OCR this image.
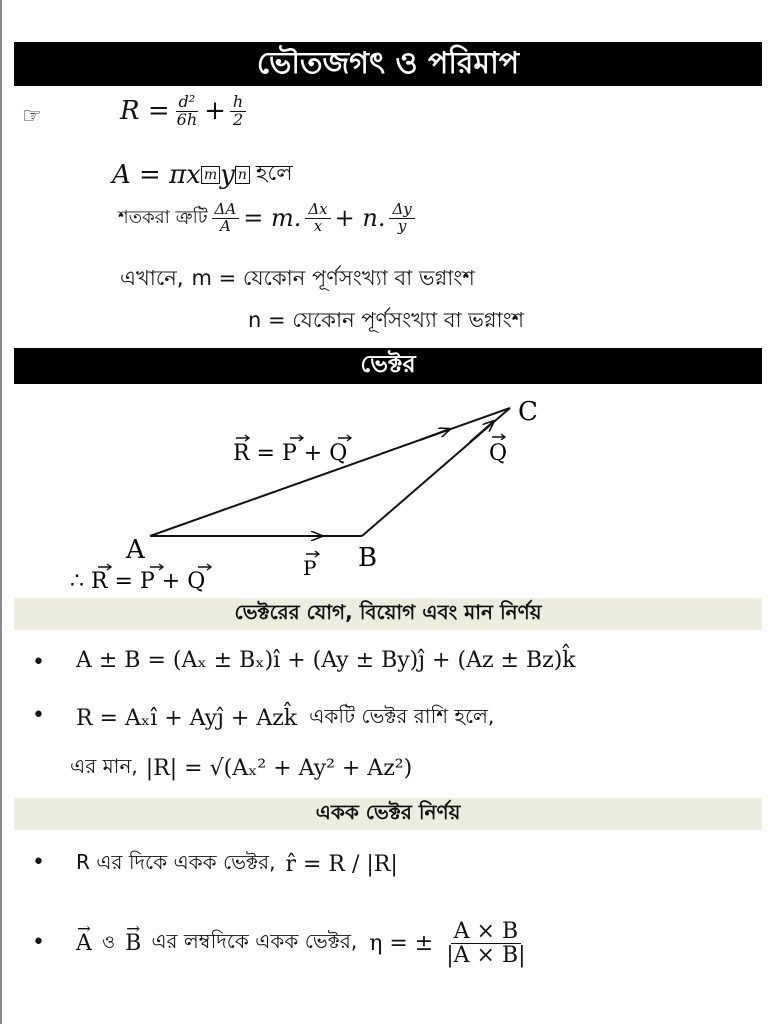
ভৌতজগৎ ও পরিমাপ
☞	$R = \frac{\text{d²}}{6h} + \frac{h}{2}$
A = πx m y n হলে
শতকরা ত্রুটি $\frac{\Delta A}{A} = m$. $\frac{\Delta x}{x} + n$. $\frac{\Delta y}{y}$
এখানে, m = যেকোন পূর্ণসংখ্যা বা ভগ্নাংশ
n = যেকোন পূর্ণসংখ্যা বা ভগ্নাংশ
ভেক্টর
R = P + Q	Q
C
A	B
P
∴ R = P + Q
ভেক্টরের যোগ, বিয়োগ এবং মান নির্ণয়
• A ± B = (Aₓ ± Bₓ)î + (Ay ± By)ĵ + (Az ± Bz)k̂
• R = Aₓî + Ayĵ + Azk̂ একটি ভেক্টর রাশি হলে,
এর মান, |R| = √(Aₓ² + Ay² + Az²)
একক ভেক্টর নির্ণয়
• R এর দিকে একক ভেক্টর, r̂ = R / |R|
• → A ও → B এর লম্বদিকে একক ভেক্টর, η = ± $\frac{A \times B}{|A \times B|}$
